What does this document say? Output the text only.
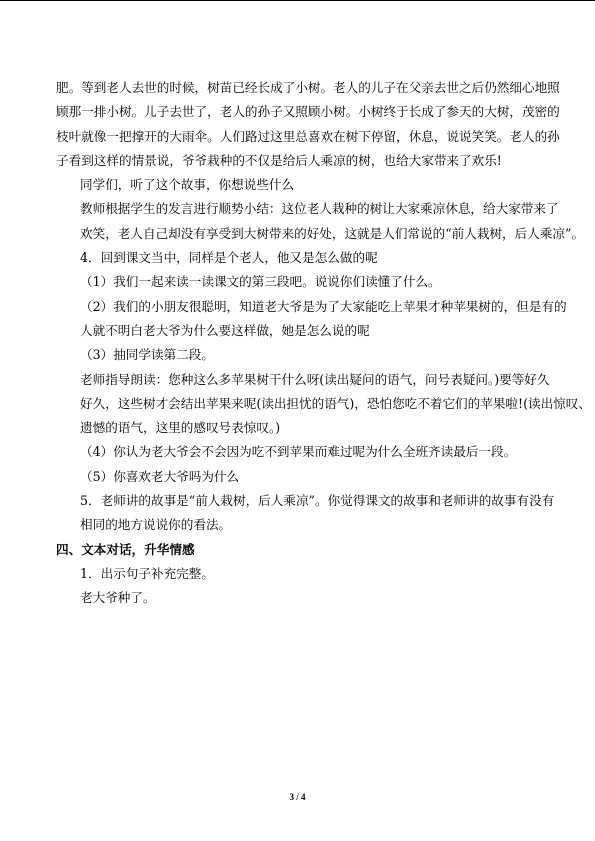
肥。等到老人去世的时候，树苗已经长成了小树。老人的儿子在父亲去世之后仍然细心地照
顾那一排小树。儿子去世了，老人的孙子又照顾小树。小树终于长成了参天的大树，茂密的
枝叶就像一把撑开的大雨伞。人们路过这里总喜欢在树下停留，休息，说说笑笑。老人的孙
子看到这样的情景说，爷爷栽种的不仅是给后人乘凉的树，也给大家带来了欢乐!

同学们，听了这个故事，你想说些什么

教师根据学生的发言进行顺势小结：这位老人栽种的树让大家乘凉休息，给大家带来了
欢笑，老人自己却没有享受到大树带来的好处，这就是人们常说的“前人栽树，后人乘凉”。

4．回到课文当中，同样是个老人，他又是怎么做的呢

（1）我们一起来读一读课文的第三段吧。说说你们读懂了什么。

（2）我们的小朋友很聪明，知道老大爷是为了大家能吃上苹果才种苹果树的，但是有的
人就不明白老大爷为什么要这样做，她是怎么说的呢

（3）抽同学读第二段。

老师指导朗读：您种这么多苹果树干什么呀(读出疑问的语气，问号表疑问。)要等好久
好久，这些树才会结出苹果来呢(读出担忧的语气)，恐怕您吃不着它们的苹果啦!(读出惊叹、
遗憾的语气，这里的感叹号表惊叹。)

（4）你认为老大爷会不会因为吃不到苹果而难过呢为什么全班齐读最后一段。

（5）你喜欢老大爷吗为什么

5．老师讲的故事是“前人栽树，后人乘凉”。你觉得课文的故事和老师讲的故事有没有
相同的地方说说你的看法。

四、文本对话，升华情感

1．出示句子补充完整。

老大爷种了。

3 / 4
